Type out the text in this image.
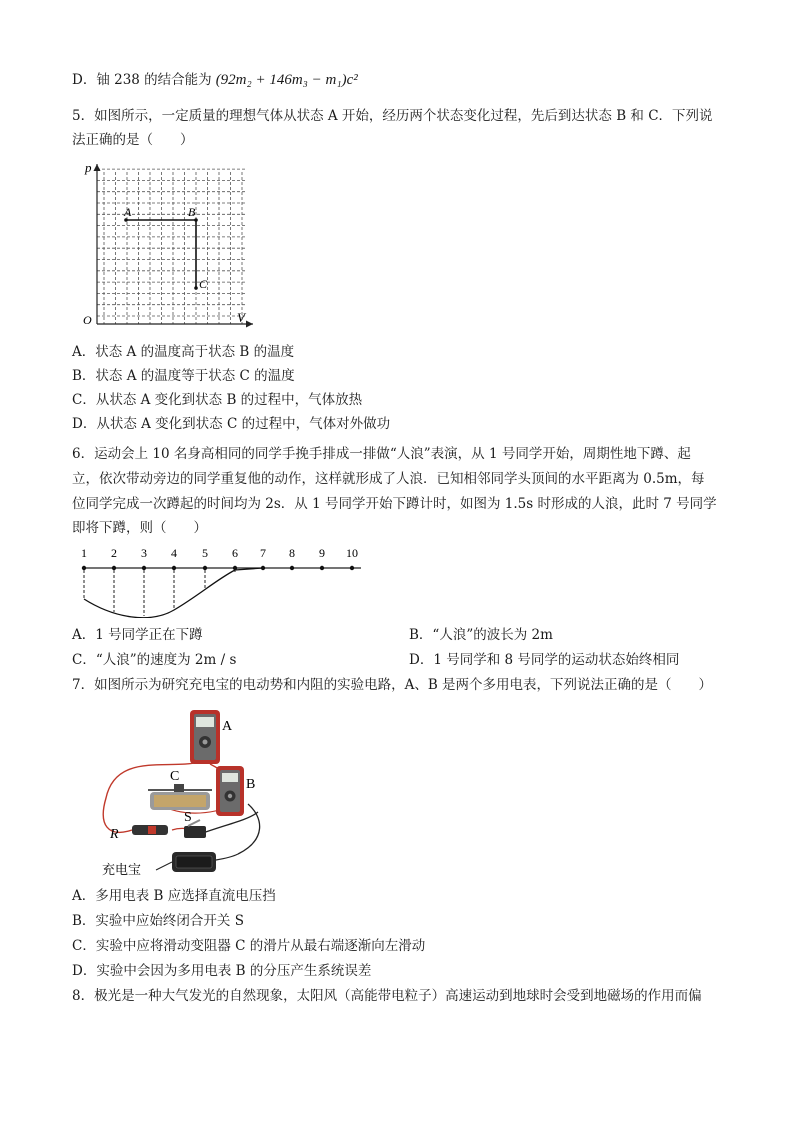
D．铀 238 的结合能为 (92m₂ + 146m₃ − m₁)c²
5．如图所示，一定质量的理想气体从状态 A 开始，经历两个状态变化过程，先后到达状态 B 和 C．下列说
法正确的是（　　）
p
V
O
A	B
C
A．状态 A 的温度高于状态 B 的温度
B．状态 A 的温度等于状态 C 的温度
C．从状态 A 变化到状态 B 的过程中，气体放热
D．从状态 A 变化到状态 C 的过程中，气体对外做功
6．运动会上 10 名身高相同的同学手挽手排成一排做“人浪”表演，从 1 号同学开始，周期性地下蹲、起
立，依次带动旁边的同学重复他的动作，这样就形成了人浪．已知相邻同学头顶间的水平距离为 0.5m，每
位同学完成一次蹲起的时间均为 2s．从 1 号同学开始下蹲计时，如图为 1.5s 时形成的人浪，此时 7 号同学
即将下蹲，则（　　）
1 2 3 4 5 6 7 8 9 10
A．1 号同学正在下蹲	B．“人浪”的波长为 2m
C．“人浪”的速度为 2m / s	D．1 号同学和 8 号同学的运动状态始终相同
7．如图所示为研究充电宝的电动势和内阻的实验电路，A、B 是两个多用电表，下列说法正确的是（　　）
A
B
C
S
R
充电宝
A．多用电表 B 应选择直流电压挡
B．实验中应始终闭合开关 S
C．实验中应将滑动变阻器 C 的滑片从最右端逐渐向左滑动
D．实验中会因为多用电表 B 的分压产生系统误差
8．极光是一种大气发光的自然现象，太阳风（高能带电粒子）高速运动到地球时会受到地磁场的作用而偏
